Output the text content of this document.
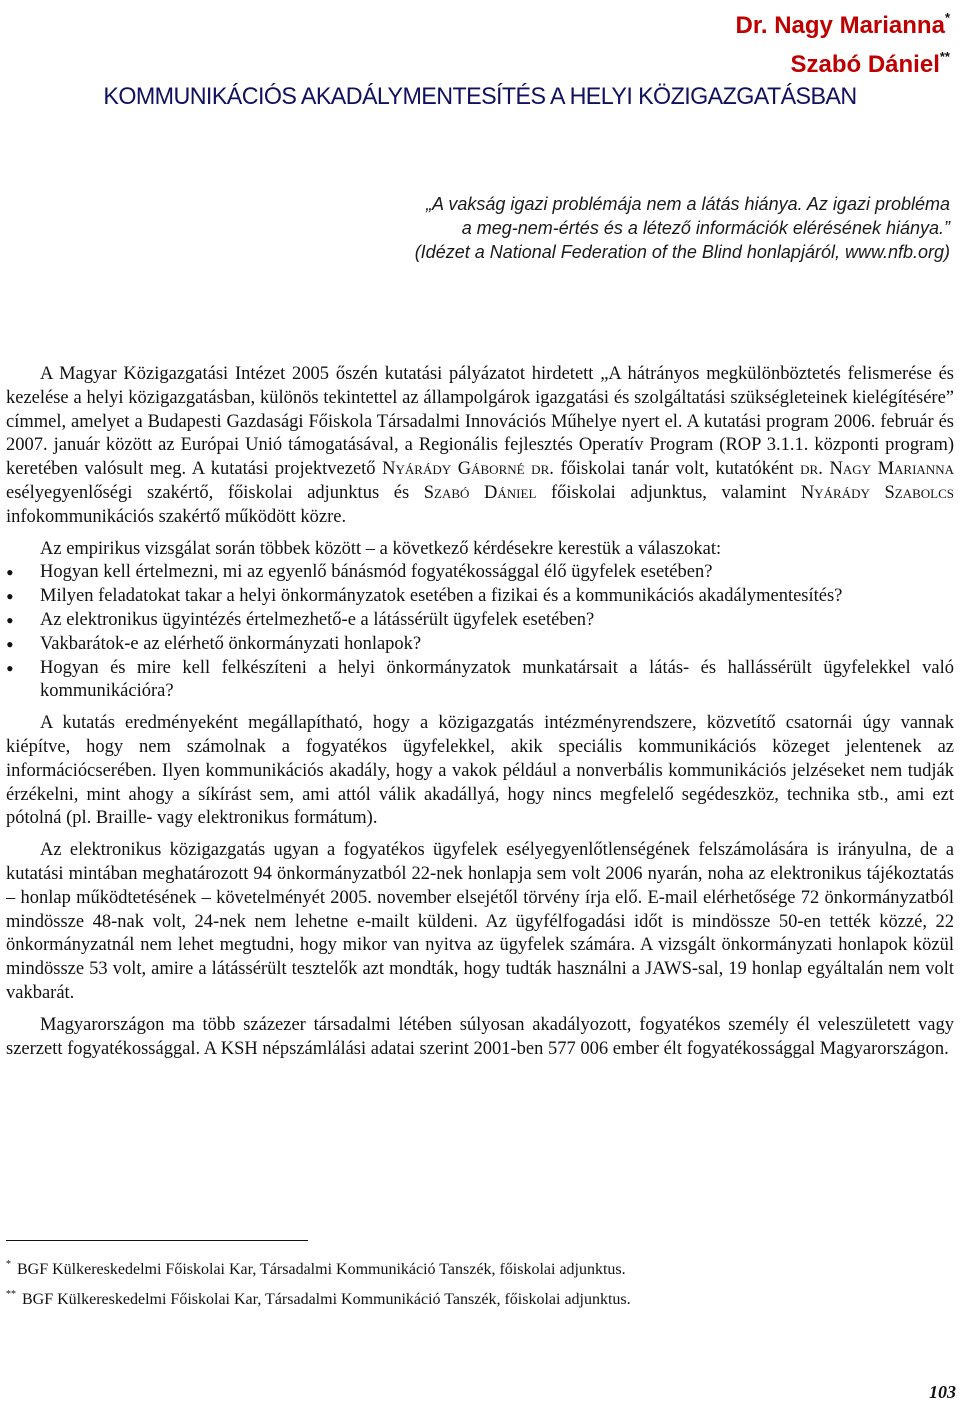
Dr. Nagy Marianna*
Szabó Dániel**
KOMMUNIKÁCIÓS AKADÁLYMENTESÍTÉS A HELYI KÖZIGAZGATÁSBAN
„A vakság igazi problémája nem a látás hiánya. Az igazi probléma
a meg-nem-értés és a létező információk elérésének hiánya.”
(Idézet a National Federation of the Blind honlapjáról, www.nfb.org)

A Magyar Közigazgatási Intézet 2005 őszén kutatási pályázatot hirdetett „A hátrányos megkülönböztetés felismerése és kezelése a helyi közigazgatásban, különös tekintettel az állampolgárok igazgatási és szolgáltatási szükségleteinek kielégítésére” címmel, amelyet a Budapesti Gazdasági Főiskola Társadalmi Innovációs Műhelye nyert el. A kutatási program 2006. február és 2007. január között az Európai Unió támogatásával, a Regionális fejlesztés Operatív Program (ROP 3.1.1. központi program) keretében valósult meg. A kutatási projektvezető Nyárády Gáborné dr. főiskolai tanár volt, kutatóként dr. Nagy Marianna esélyegyenlőségi szakértő, főiskolai adjunktus és Szabó Dániel főiskolai adjunktus, valamint Nyárády Szabolcs infokommunikációs szakértő működött közre.

Az empirikus vizsgálat során többek között – a következő kérdésekre kerestük a válaszokat:

• Hogyan kell értelmezni, mi az egyenlő bánásmód fogyatékossággal élő ügyfelek esetében?
• Milyen feladatokat takar a helyi önkormányzatok esetében a fizikai és a kommunikációs akadálymentesítés?
• Az elektronikus ügyintézés értelmezhető-e a látássérült ügyfelek esetében?
• Vakbarátok-e az elérhető önkormányzati honlapok?
• Hogyan és mire kell felkészíteni a helyi önkormányzatok munkatársait a látás- és hallássérült ügyfelekkel való kommunikációra?

A kutatás eredményeként megállapítható, hogy a közigazgatás intézményrendszere, közvetítő csatornái úgy vannak kiépítve, hogy nem számolnak a fogyatékos ügyfelekkel, akik speciális kommunikációs közeget jelentenek az információcserében. Ilyen kommunikációs akadály, hogy a vakok például a nonverbális kommunikációs jelzéseket nem tudják érzékelni, mint ahogy a síkírást sem, ami attól válik akadállyá, hogy nincs megfelelő segédeszköz, technika stb., ami ezt pótolná (pl. Braille- vagy elektronikus formátum).

Az elektronikus közigazgatás ugyan a fogyatékos ügyfelek esélyegyenlőtlenségének felszámolására is irányulna, de a kutatási mintában meghatározott 94 önkormányzatból 22-nek honlapja sem volt 2006 nyarán, noha az elektronikus tájékoztatás – honlap működtetésének – követelményét 2005. november elsejétől törvény írja elő. E-mail elérhetősége 72 önkormányzatból mindössze 48-nak volt, 24-nek nem lehetne e-mailt küldeni. Az ügyfélfogadási időt is mindössze 50-en tették közzé, 22 önkormányzatnál nem lehet megtudni, hogy mikor van nyitva az ügyfelek számára. A vizsgált önkormányzati honlapok közül mindössze 53 volt, amire a látássérült tesztelők azt mondták, hogy tudták használni a JAWS-sal, 19 honlap egyáltalán nem volt vakbarát.

Magyarországon ma több százezer társadalmi létében súlyosan akadályozott, fogyatékos személy él veleszületett vagy szerzett fogyatékossággal. A KSH népszámlálási adatai szerint 2001-ben 577 006 ember élt fogyatékossággal Magyarországon.

* BGF Külkereskedelmi Főiskolai Kar, Társadalmi Kommunikáció Tanszék, főiskolai adjunktus.
** BGF Külkereskedelmi Főiskolai Kar, Társadalmi Kommunikáció Tanszék, főiskolai adjunktus.
103
